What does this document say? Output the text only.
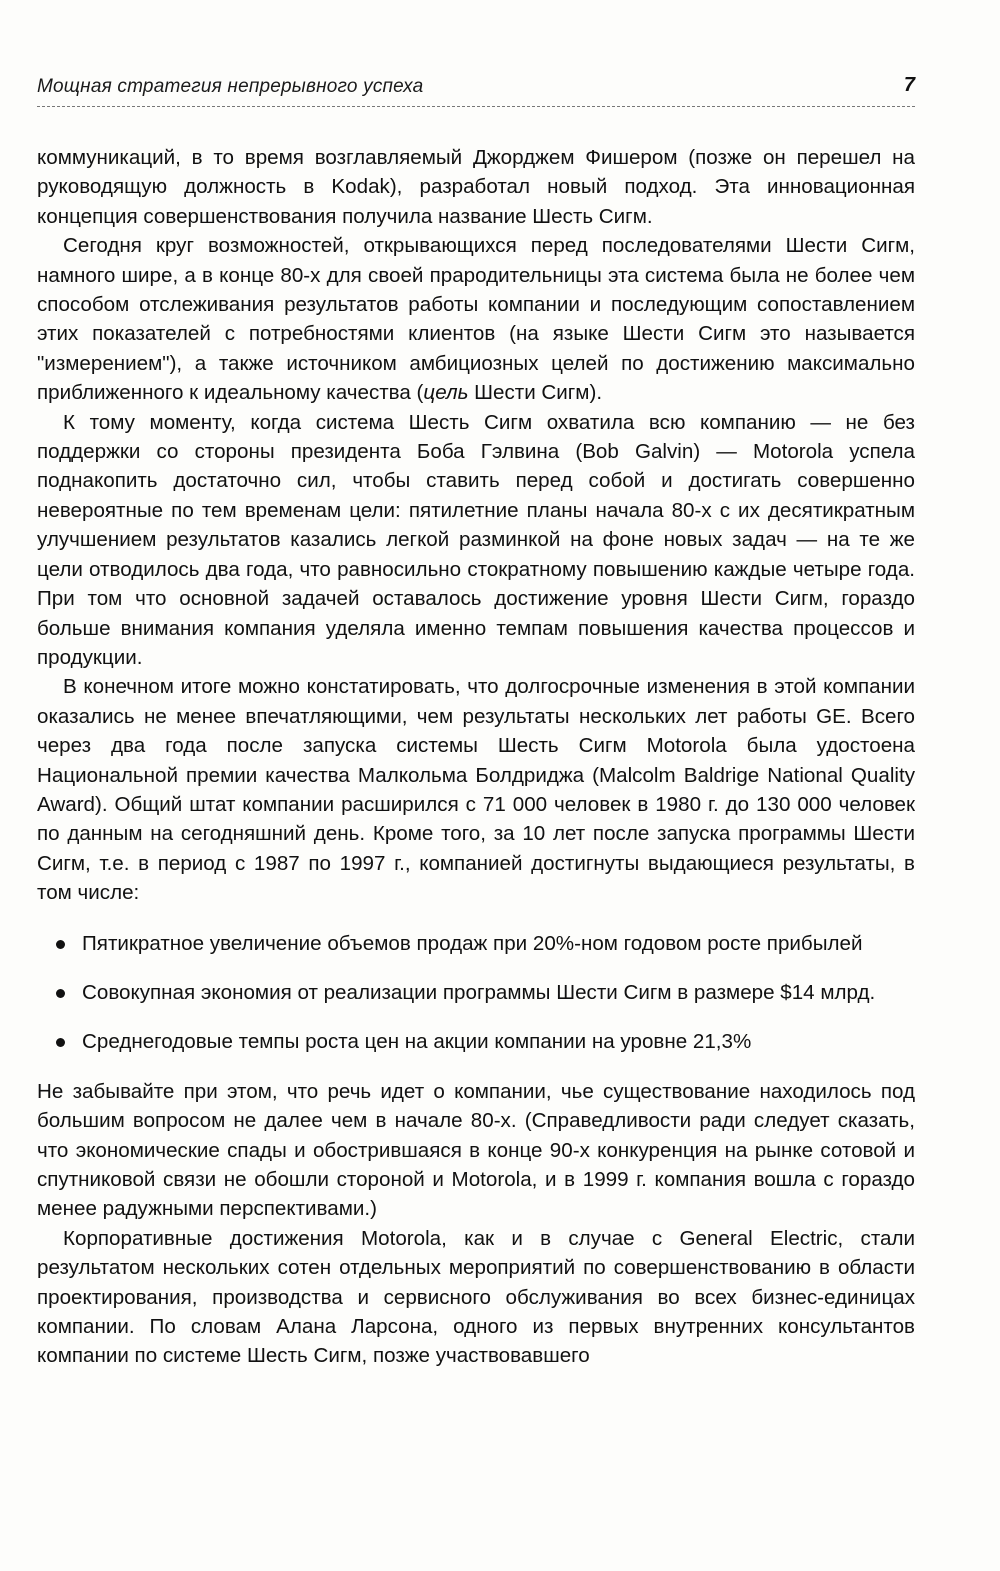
Мощная стратегия непрерывного успеха	7

коммуникаций, в то время возглавляемый Джорджем Фишером (позже он перешел на руководящую должность в Kodak), разработал новый подход. Эта инновационная концепция совершенствования получила название Шесть Сигм.

Сегодня круг возможностей, открывающихся перед последователями Шести Сигм, намного шире, а в конце 80-х для своей прародительницы эта система была не более чем способом отслеживания результатов работы компании и последующим сопоставлением этих показателей с потребностями клиентов (на языке Шести Сигм это называется "измерением"), а также источником амбициозных целей по достижению максимально приближенного к идеальному качества (цель Шести Сигм).

К тому моменту, когда система Шесть Сигм охватила всю компанию — не без поддержки со стороны президента Боба Гэлвина (Bob Galvin) — Motorola успела поднакопить достаточно сил, чтобы ставить перед собой и достигать совершенно невероятные по тем временам цели: пятилетние планы начала 80-х с их десятикратным улучшением результатов казались легкой разминкой на фоне новых задач — на те же цели отводилось два года, что равносильно стократному повышению каждые четыре года. При том что основной задачей оставалось достижение уровня Шести Сигм, гораздо больше внимания компания уделяла именно темпам повышения качества процессов и продукции.

В конечном итоге можно констатировать, что долгосрочные изменения в этой компании оказались не менее впечатляющими, чем результаты нескольких лет работы GE. Всего через два года после запуска системы Шесть Сигм Motorola была удостоена Национальной премии качества Малкольма Болдриджа (Malcolm Baldrige National Quality Award). Общий штат компании расширился с 71 000 человек в 1980 г. до 130 000 человек по данным на сегодняшний день. Кроме того, за 10 лет после запуска программы Шести Сигм, т.е. в период с 1987 по 1997 г., компанией достигнуты выдающиеся результаты, в том числе:

Пятикратное увеличение объемов продаж при 20%-ном годовом росте прибылей
Совокупная экономия от реализации программы Шести Сигм в размере $14 млрд.
Среднегодовые темпы роста цен на акции компании на уровне 21,3%

Не забывайте при этом, что речь идет о компании, чье существование находилось под большим вопросом не далее чем в начале 80-х. (Справедливости ради следует сказать, что экономические спады и обострившаяся в конце 90-х конкуренция на рынке сотовой и спутниковой связи не обошли стороной и Motorola, и в 1999 г. компания вошла с гораздо менее радужными перспективами.)

Корпоративные достижения Motorola, как и в случае с General Electric, стали результатом нескольких сотен отдельных мероприятий по совершенствованию в области проектирования, производства и сервисного обслуживания во всех бизнес-единицах компании. По словам Алана Ларсона, одного из первых внутренних консультантов компании по системе Шесть Сигм, позже участвовавшего
